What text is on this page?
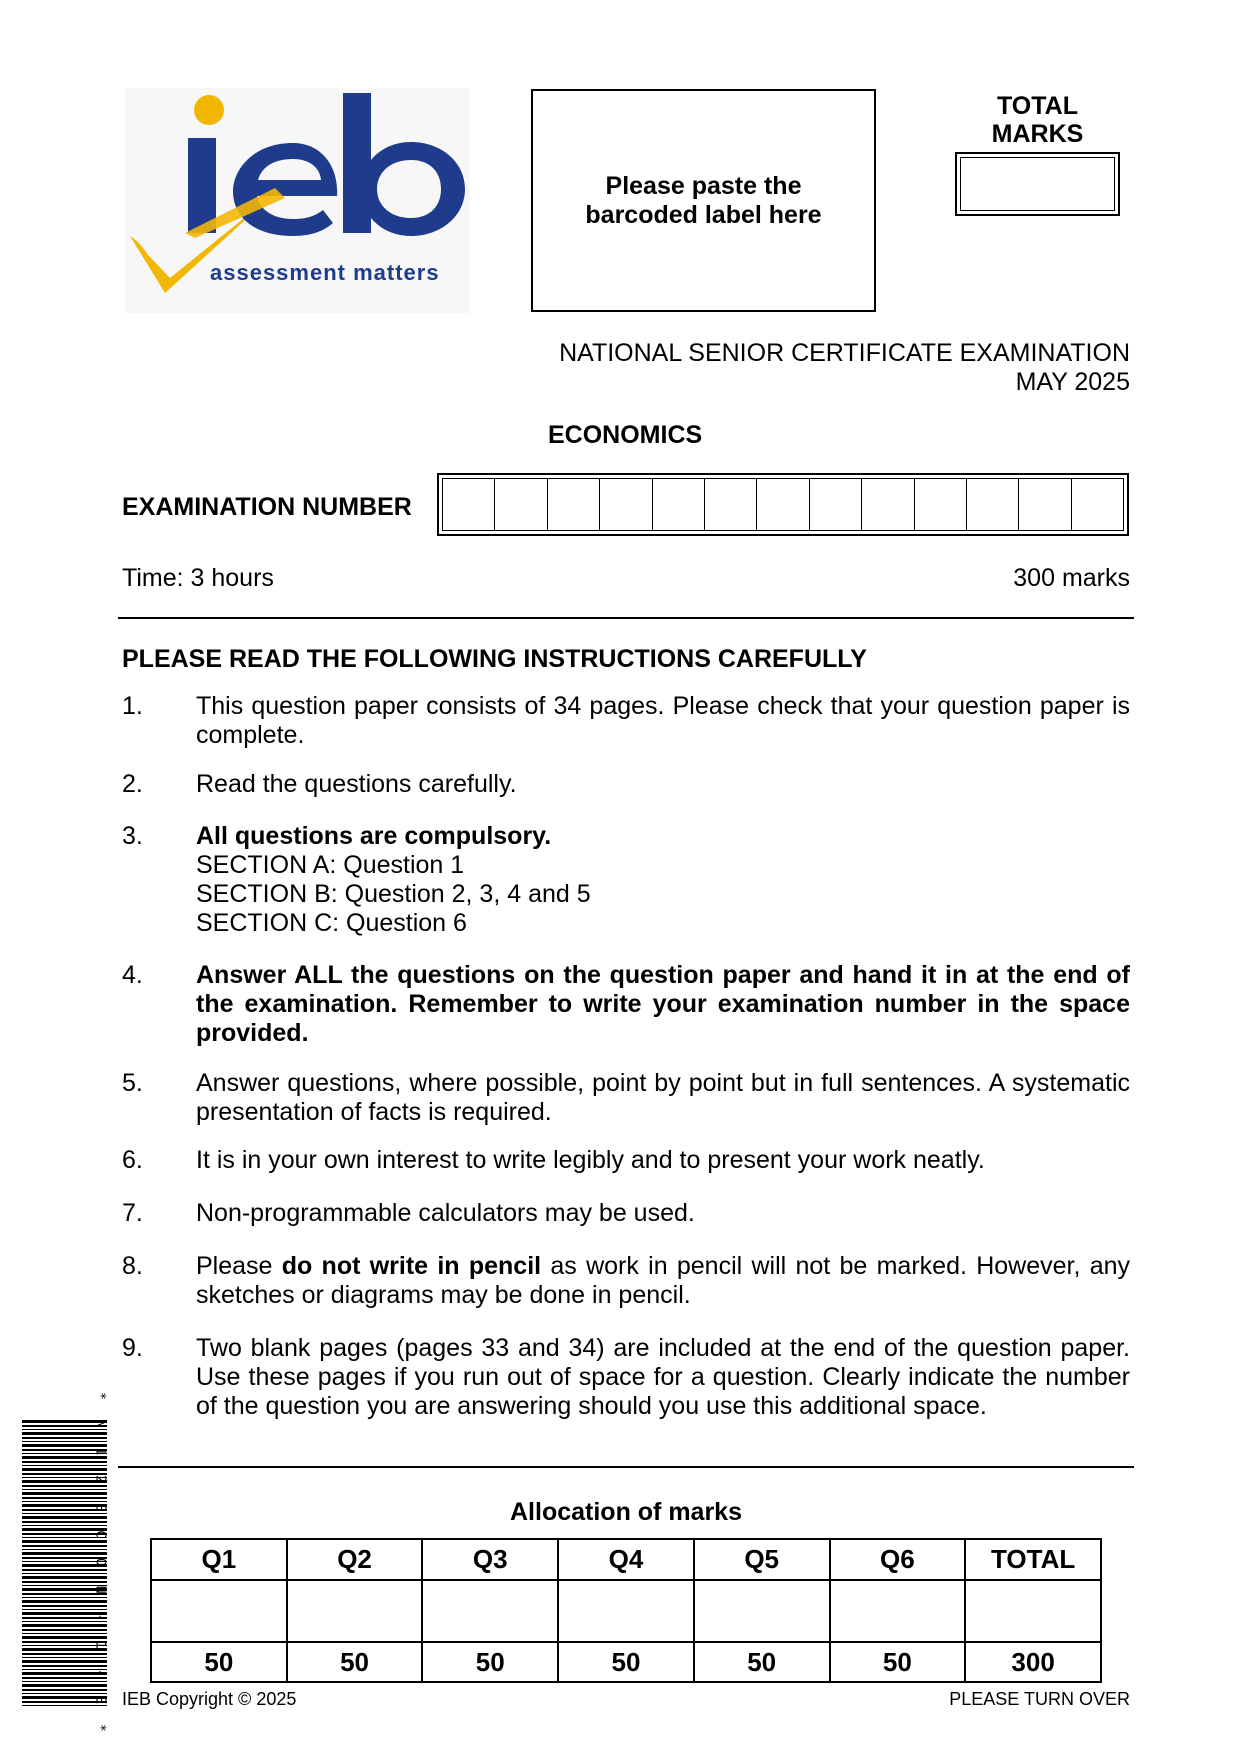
assessment matters
Please paste the barcoded label here
TOTAL MARKS
NATIONAL SENIOR CERTIFICATE EXAMINATION
MAY 2025
ECONOMICS
EXAMINATION NUMBER
Time: 3 hours	300 marks
PLEASE READ THE FOLLOWING INSTRUCTIONS CAREFULLY
1. This question paper consists of 34 pages. Please check that your question paper is complete.
2. Read the questions carefully.
3. All questions are compulsory.
SECTION A: Question 1
SECTION B: Question 2, 3, 4 and 5
SECTION C: Question 6
4. Answer ALL the questions on the question paper and hand it in at the end of the examination. Remember to write your examination number in the space provided.
5. Answer questions, where possible, point by point but in full sentences. A systematic presentation of facts is required.
6. It is in your own interest to write legibly and to present your work neatly.
7. Non-programmable calculators may be used.
8. Please do not write in pencil as work in pencil will not be marked. However, any sketches or diagrams may be done in pencil.
9. Two blank pages (pages 33 and 34) are included at the end of the question paper. Use these pages if you run out of space for a question. Clearly indicate the number of the question you are answering should you use this additional space.
Allocation of marks
Q1	Q2	Q3	Q4	Q5	Q6	TOTAL

50	50	50	50	50	50	300
IEB Copyright © 2025	PLEASE TURN OVER
* N 1 2 E C O N - 1 - E *
